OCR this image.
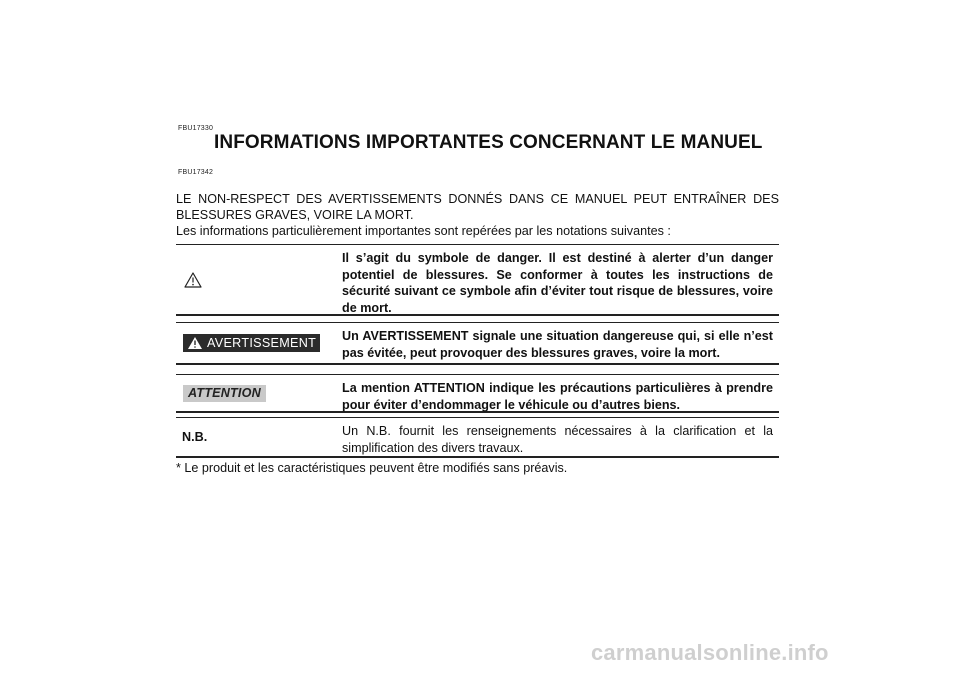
FBU17330
INFORMATIONS IMPORTANTES CONCERNANT LE MANUEL
FBU17342
LE NON-RESPECT DES AVERTISSEMENTS DONNÉS DANS CE MANUEL PEUT ENTRAÎNER DES BLESSURES GRAVES, VOIRE LA MORT.
Les informations particulièrement importantes sont repérées par les notations suivantes :
Il s’agit du symbole de danger. Il est destiné à alerter d’un danger potentiel de blessures. Se conformer à toutes les instructions de sécurité suivant ce symbole afin d’éviter tout risque de blessures, voire de mort.
AVERTISSEMENT	Un AVERTISSEMENT signale une situation dangereuse qui, si elle n’est pas évitée, peut provoquer des blessures graves, voire la mort.
ATTENTION	La mention ATTENTION indique les précautions particulières à prendre pour éviter d’endommager le véhicule ou d’autres biens.
N.B.	Un N.B. fournit les renseignements nécessaires à la clarification et la simplification des divers travaux.
* Le produit et les caractéristiques peuvent être modifiés sans préavis.
carmanualsonline.info
